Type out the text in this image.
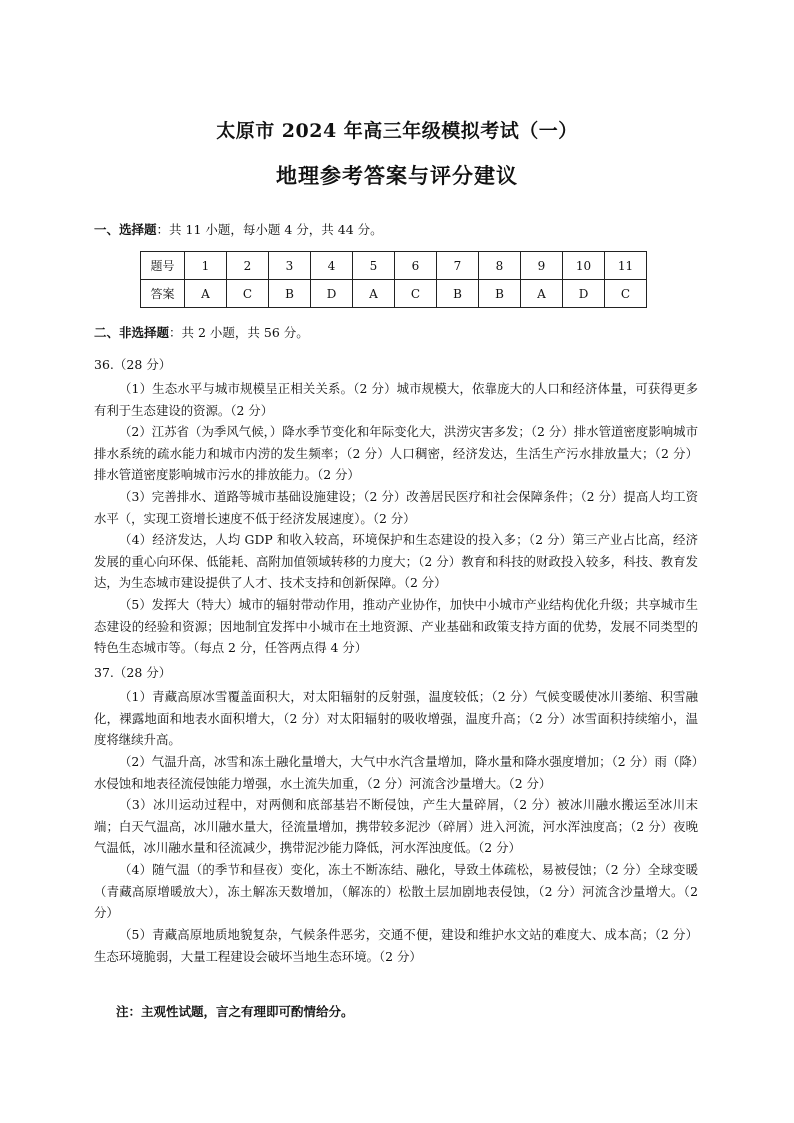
太原市 2024 年高三年级模拟考试（一）
地理参考答案与评分建议
一、选择题：共 11 小题，每小题 4 分，共 44 分。
题号	1	2	3	4	5	6	7	8	9	10	11
答案	A	C	B	D	A	C	B	B	A	D	C
二、非选择题：共 2 小题，共 56 分。
36.（28 分）
（1）生态水平与城市规模呈正相关关系。（2 分）城市规模大，依靠庞大的人口和经济体量，可获得更多有利于生态建设的资源。（2 分）
（2）江苏省（为季风气候，）降水季节变化和年际变化大，洪涝灾害多发；（2 分）排水管道密度影响城市排水系统的疏水能力和城市内涝的发生频率；（2 分）人口稠密，经济发达，生活生产污水排放量大；（2 分）排水管道密度影响城市污水的排放能力。（2 分）
（3）完善排水、道路等城市基础设施建设；（2 分）改善居民医疗和社会保障条件；（2 分）提高人均工资水平（，实现工资增长速度不低于经济发展速度）。（2 分）
（4）经济发达，人均 GDP 和收入较高，环境保护和生态建设的投入多；（2 分）第三产业占比高，经济发展的重心向环保、低能耗、高附加值领域转移的力度大；（2 分）教育和科技的财政投入较多，科技、教育发达，为生态城市建设提供了人才、技术支持和创新保障。（2 分）
（5）发挥大（特大）城市的辐射带动作用，推动产业协作，加快中小城市产业结构优化升级；共享城市生态建设的经验和资源；因地制宜发挥中小城市在土地资源、产业基础和政策支持方面的优势，发展不同类型的特色生态城市等。（每点 2 分，任答两点得 4 分）
37.（28 分）
（1）青藏高原冰雪覆盖面积大，对太阳辐射的反射强，温度较低；（2 分）气候变暖使冰川萎缩、积雪融化，裸露地面和地表水面积增大，（2 分）对太阳辐射的吸收增强，温度升高；（2 分）冰雪面积持续缩小，温度将继续升高。
（2）气温升高，冰雪和冻土融化量增大，大气中水汽含量增加，降水量和降水强度增加；（2 分）雨（降）水侵蚀和地表径流侵蚀能力增强，水土流失加重，（2 分）河流含沙量增大。（2 分）
（3）冰川运动过程中，对两侧和底部基岩不断侵蚀，产生大量碎屑，（2 分）被冰川融水搬运至冰川末端；白天气温高，冰川融水量大，径流量增加，携带较多泥沙（碎屑）进入河流，河水浑浊度高；（2 分）夜晚气温低，冰川融水量和径流减少，携带泥沙能力降低，河水浑浊度低。（2 分）
（4）随气温（的季节和昼夜）变化，冻土不断冻结、融化，导致土体疏松，易被侵蚀；（2 分）全球变暖（青藏高原增暖放大），冻土解冻天数增加，（解冻的）松散土层加剧地表侵蚀，（2 分）河流含沙量增大。（2 分）
（5）青藏高原地质地貌复杂，气候条件恶劣，交通不便，建设和维护水文站的难度大、成本高；（2 分）生态环境脆弱，大量工程建设会破坏当地生态环境。（2 分）
注：主观性试题，言之有理即可酌情给分。
